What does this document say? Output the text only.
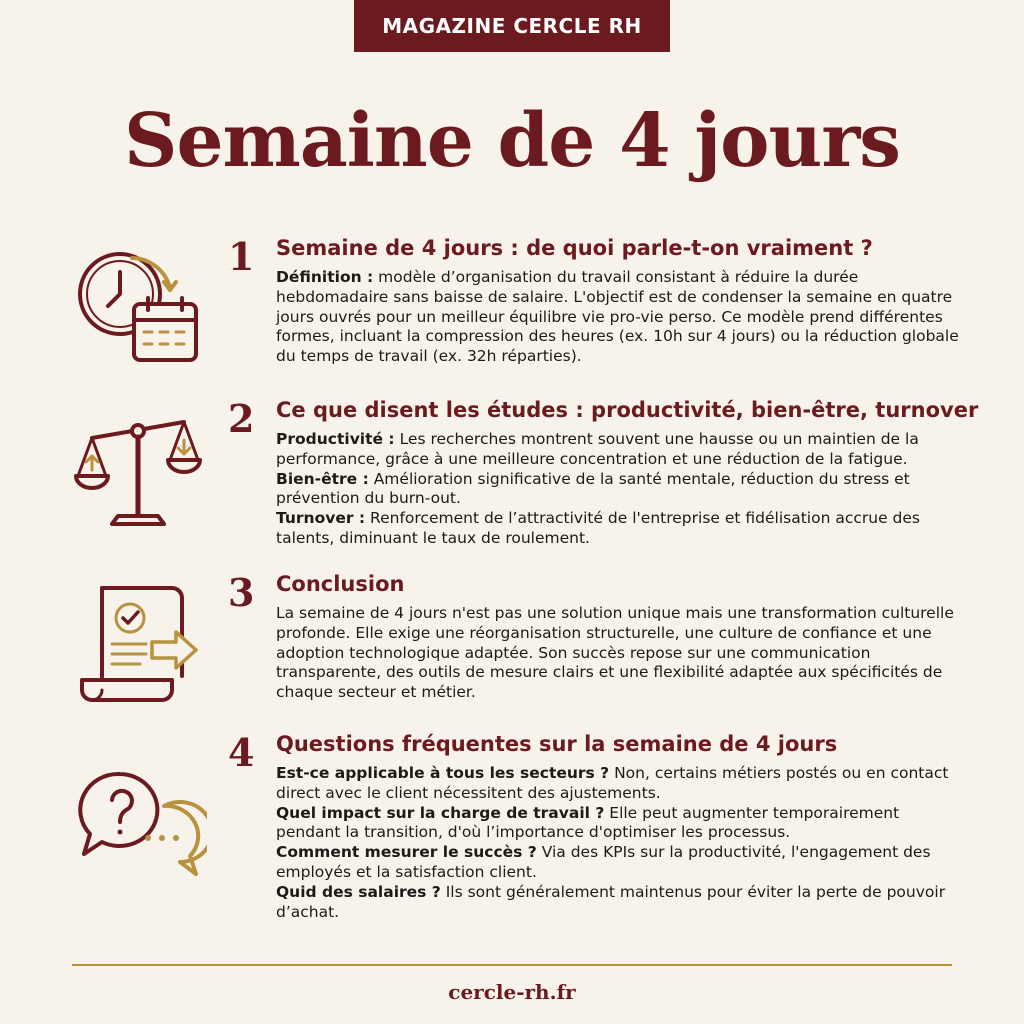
MAGAZINE CERCLE RH
Semaine de 4 jours
1 Semaine de 4 jours : de quoi parle-t-on vraiment ?

Définition : modèle d’organisation du travail consistant à réduire la durée hebdomadaire sans baisse de salaire. L'objectif est de condenser la semaine en quatre jours ouvrés pour un meilleur équilibre vie pro-vie perso. Ce modèle prend différentes formes, incluant la compression des heures (ex. 10h sur 4 jours) ou la réduction globale du temps de travail (ex. 32h réparties).

2 Ce que disent les études : productivité, bien-être, turnover

Productivité : Les recherches montrent souvent une hausse ou un maintien de la performance, grâce à une meilleure concentration et une réduction de la fatigue.

Bien-être : Amélioration significative de la santé mentale, réduction du stress et prévention du burn-out.

Turnover : Renforcement de l’attractivité de l'entreprise et fidélisation accrue des talents, diminuant le taux de roulement.

3 Conclusion

La semaine de 4 jours n'est pas une solution unique mais une transformation culturelle profonde. Elle exige une réorganisation structurelle, une culture de confiance et une adoption technologique adaptée. Son succès repose sur une communication transparente, des outils de mesure clairs et une flexibilité adaptée aux spécificités de chaque secteur et métier.

4 Questions fréquentes sur la semaine de 4 jours

Est-ce applicable à tous les secteurs ? Non, certains métiers postés ou en contact direct avec le client nécessitent des ajustements.

Quel impact sur la charge de travail ? Elle peut augmenter temporairement pendant la transition, d'où l’importance d'optimiser les processus.

Comment mesurer le succès ? Via des KPIs sur la productivité, l'engagement des employés et la satisfaction client.

Quid des salaires ? Ils sont généralement maintenus pour éviter la perte de pouvoir d’achat.

cercle-rh.fr
